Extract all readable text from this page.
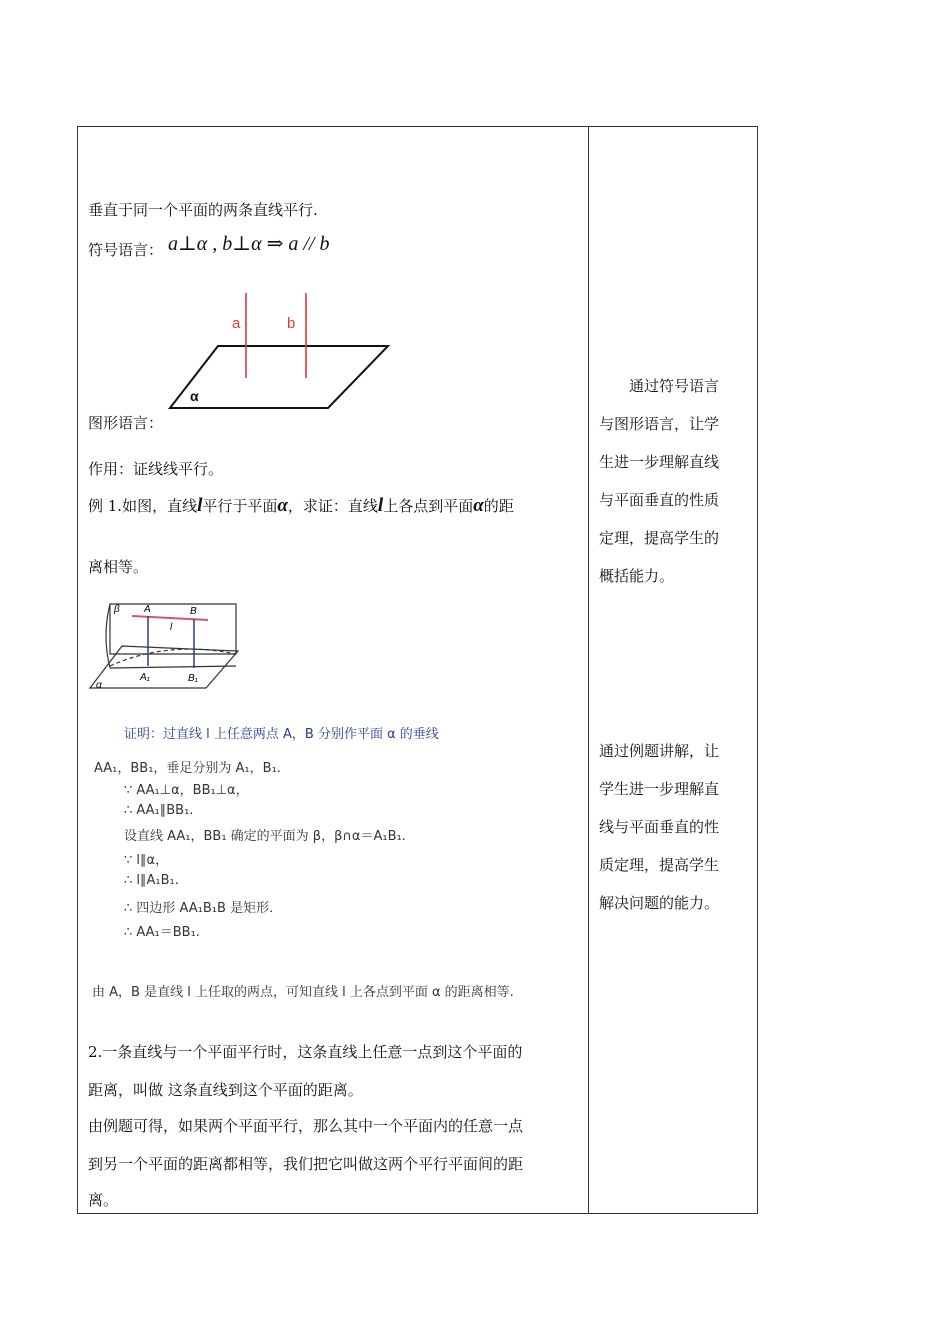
垂直于同一个平面的两条直线平行.
符号语言： a⊥α , b⊥α ⇒ a // b
a	b
α
图形语言：
作用：证线线平行。
例 1.如图，直线l平行于平面α，求证：直线l上各点到平面α的距
离相等。
β A	B
l
A₁	B₁
α
证明：过直线 l 上任意两点 A，B 分别作平面 α 的垂线
AA₁，BB₁，垂足分别为 A₁，B₁.
∵ AA₁⊥α，BB₁⊥α，
∴ AA₁∥BB₁.
设直线 AA₁，BB₁ 确定的平面为 β，β∩α＝A₁B₁.
∵ l∥α，
∴ l∥A₁B₁.
∴ 四边形 AA₁B₁B 是矩形.
∴ AA₁＝BB₁.
由 A，B 是直线 l 上任取的两点，可知直线 l 上各点到平面 α 的距离相等.
2.一条直线与一个平面平行时，这条直线上任意一点到这个平面的
距离，叫做 这条直线到这个平面的距离。
由例题可得，如果两个平面平行，那么其中一个平面内的任意一点
到另一个平面的距离都相等，我们把它叫做这两个平行平面间的距
离。

　　通过符号语言

与图形语言，让学

生进一步理解直线

与平面垂直的性质

定理，提高学生的

概括能力。

通过例题讲解，让

学生进一步理解直

线与平面垂直的性

质定理，提高学生

解决问题的能力。
